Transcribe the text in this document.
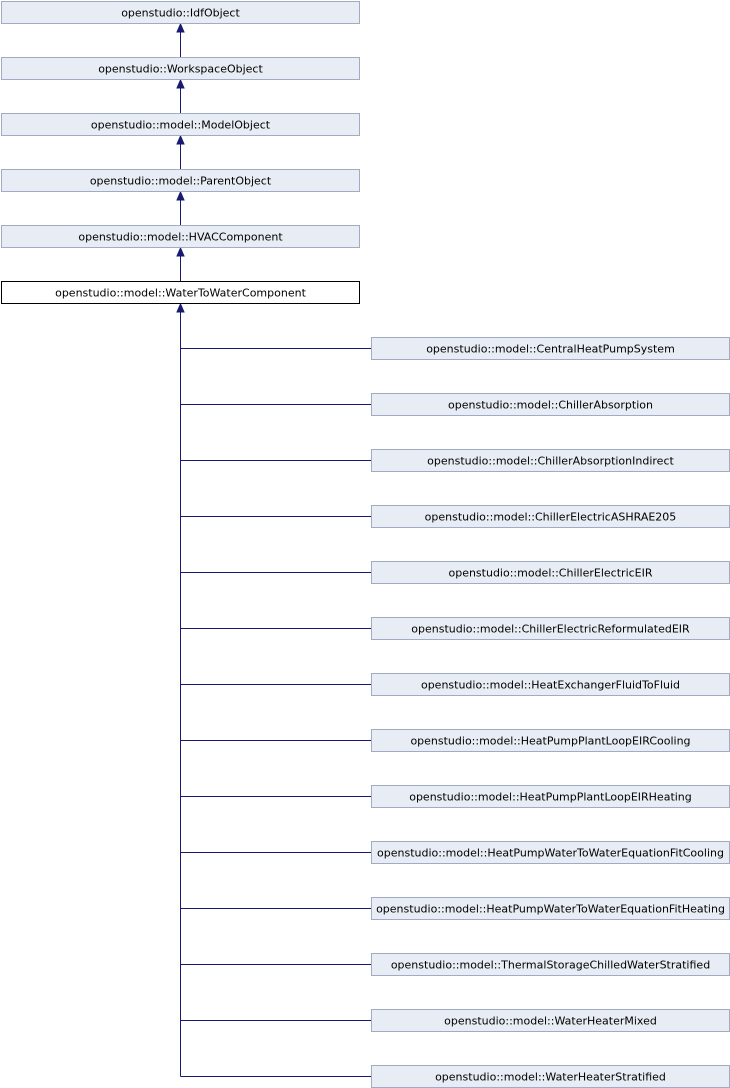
openstudio::IdfObject
openstudio::WorkspaceObject
openstudio::model::ModelObject
openstudio::model::ParentObject
openstudio::model::HVACComponent
openstudio::model::WaterToWaterComponent
openstudio::model::CentralHeatPumpSystem
openstudio::model::ChillerAbsorption
openstudio::model::ChillerAbsorptionIndirect
openstudio::model::ChillerElectricASHRAE205
openstudio::model::ChillerElectricEIR
openstudio::model::ChillerElectricReformulatedEIR
openstudio::model::HeatExchangerFluidToFluid
openstudio::model::HeatPumpPlantLoopEIRCooling
openstudio::model::HeatPumpPlantLoopEIRHeating
openstudio::model::HeatPumpWaterToWaterEquationFitCooling
openstudio::model::HeatPumpWaterToWaterEquationFitHeating
openstudio::model::ThermalStorageChilledWaterStratified
openstudio::model::WaterHeaterMixed
openstudio::model::WaterHeaterStratified
